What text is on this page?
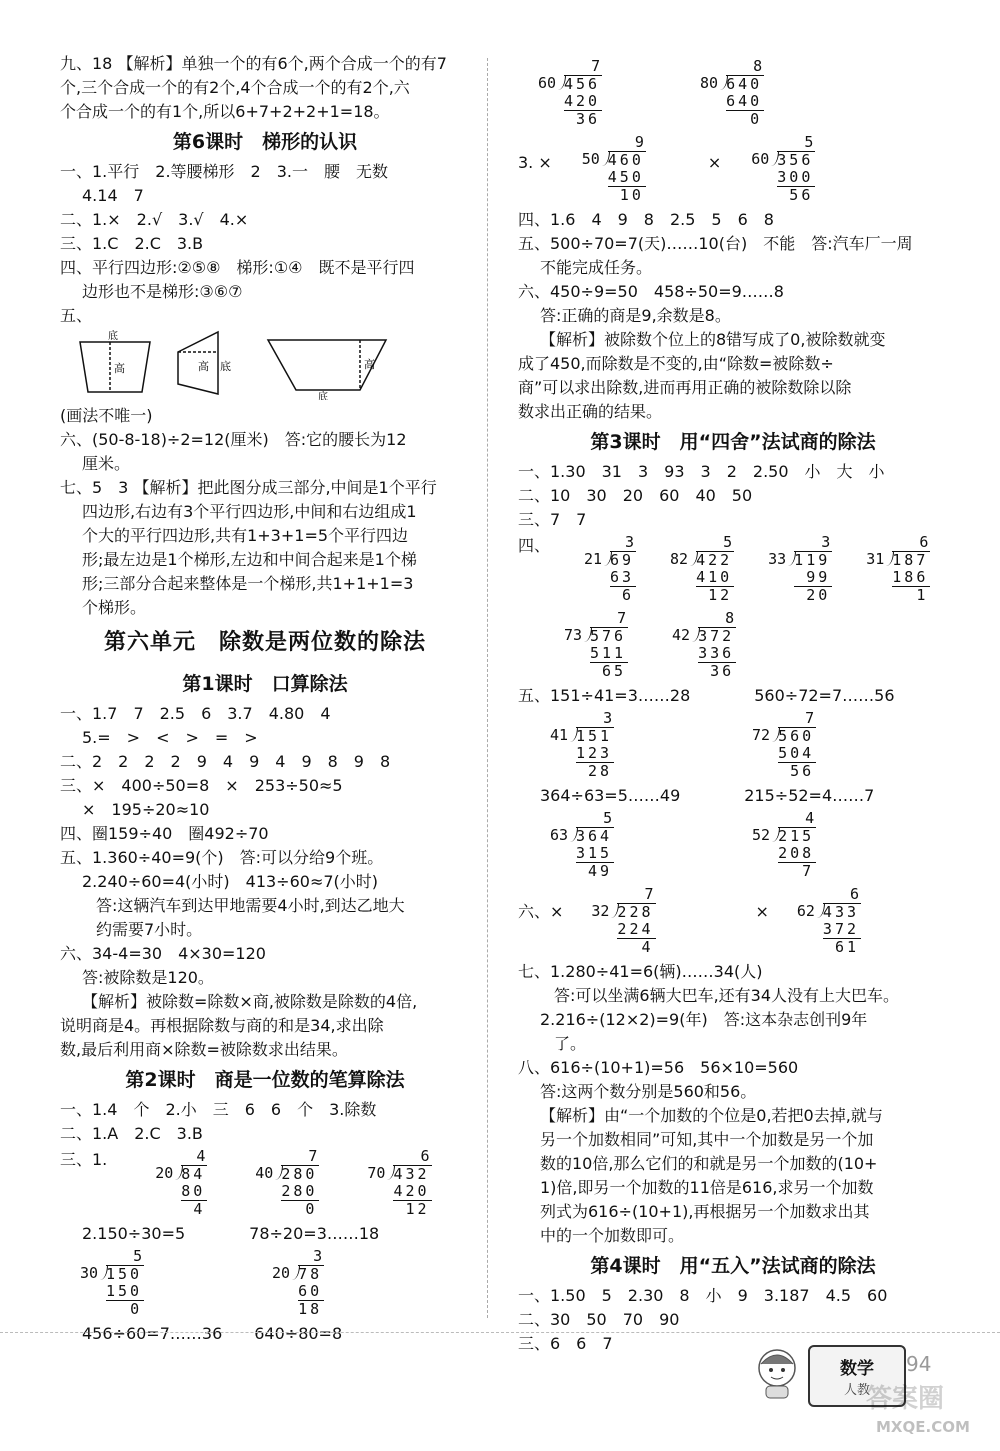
九、18 【解析】单独一个的有6个,两个合成一个的有7
个,三个合成一个的有2个,4个合成一个的有2个,六
个合成一个的有1个,所以6+7+2+2+1=18。
第6课时　梯形的认识
一、1.平行　2.等腰梯形　2　3.一　腰　无数
4.14　7
二、1.×　2.√　3.√　4.×
三、1.C　2.C　3.B
四、平行四边形:②⑤⑧　梯形:①④　既不是平行四
边形也不是梯形:③⑥⑦
五、
底
高	高 底	高
底
(画法不唯一)
六、(50-8-18)÷2=12(厘米)　答:它的腰长为12
厘米。
七、5　3 【解析】把此图分成三部分,中间是1个平行
四边形,右边有3个平行四边形,中间和右边组成1
个大的平行四边形,共有1+3+1=5个平行四边
形;最左边是1个梯形,左边和中间合起来是1个梯
形;三部分合起来整体是一个梯形,共1+1+1=3
个梯形。
第六单元　除数是两位数的除法
第1课时　口算除法
一、1.7　7　2.5　6　3.7　4.80　4
5.=　>　<　>　=　>
二、2　2　2　2　9　4　9　4　9　8　9　8
三、×　400÷50=8　×　253÷50≈5
×　195÷20≈10
四、圈159÷40　圈492÷70
五、1.360÷40=9(个)　答:可以分给9个班。
2.240÷60=4(小时)　413÷60≈7(小时)
答:这辆汽车到达甲地需要4小时,到达乙地大
约需要7小时。
六、34-4=30　4×30=120
答:被除数是120。
【解析】被除数=除数×商,被除数是除数的4倍,
说明商是4。再根据除数与商的和是34,求出除
数,最后利用商×除数=被除数求出结果。
第2课时　商是一位数的笔算除法
一、1.4　个　2.小　三　6　6　个　3.除数
二、1.A　2.C　3.B
三、1.	4
20 84
80
4
7
40 280
280
0
6
70 432
420
12
2.150÷30=5　　　　78÷20=3……18
5
30 150
150
0
3
20 78
60
18
456÷60=7……36　　640÷80=8
7
60 456
420
36
8
80 640
640
0
3. ×
9
50 460
450
10
×
5
60 356
300
56
四、1.6　4　9　8　2.5　5　6　8
五、500÷70=7(天)……10(台)　不能　答:汽车厂一周
不能完成任务。
六、450÷9=50　458÷50=9……8
答:正确的商是9,余数是8。
【解析】被除数个位上的8错写成了0,被除数就变
成了450,而除数是不变的,由“除数=被除数÷
商”可以求出除数,进而再用正确的被除数除以除
数求出正确的结果。
第3课时　用“四舍”法试商的除法
一、1.30　31　3　93　3　2　2.50　小　大　小
二、10　30　20　60　40　50
三、7　7
四、	3
21 69
63
6
5
82 422
410
12
3
33 119
99
20
6
31 187
186
1
7
73 576
511
65
8
42 372
336
36
五、151÷41=3……28　　　　560÷72=7……56
3
41 151
123
28
7
72 560
504
56
364÷63=5……49　　　　215÷52=4……7
5
63 364
315
49
4
52 215
208
7
六、×
7
32 228
224
4
×
6
62 433
372
61
七、1.280÷41=6(辆)……34(人)
答:可以坐满6辆大巴车,还有34人没有上大巴车。
2.216÷(12×2)=9(年)　答:这本杂志创刊9年
了。
八、616÷(10+1)=56　56×10=560
答:这两个数分别是560和56。
【解析】由“一个加数的个位是0,若把0去掉,就与
另一个加数相同”可知,其中一个加数是另一个加
数的10倍,那么它们的和就是另一个加数的(10+
1)倍,即另一个加数的11倍是616,求另一个加数
列式为616÷(10+1),再根据另一个加数求出其
中的一个加数即可。
第4课时　用“五入”法试商的除法
一、1.50　5　2.30　8　小　9　3.187　4.5　60
二、30　50　70　90
三、6　6　7
数学
人教
94
答案圈
MXQE.COM
